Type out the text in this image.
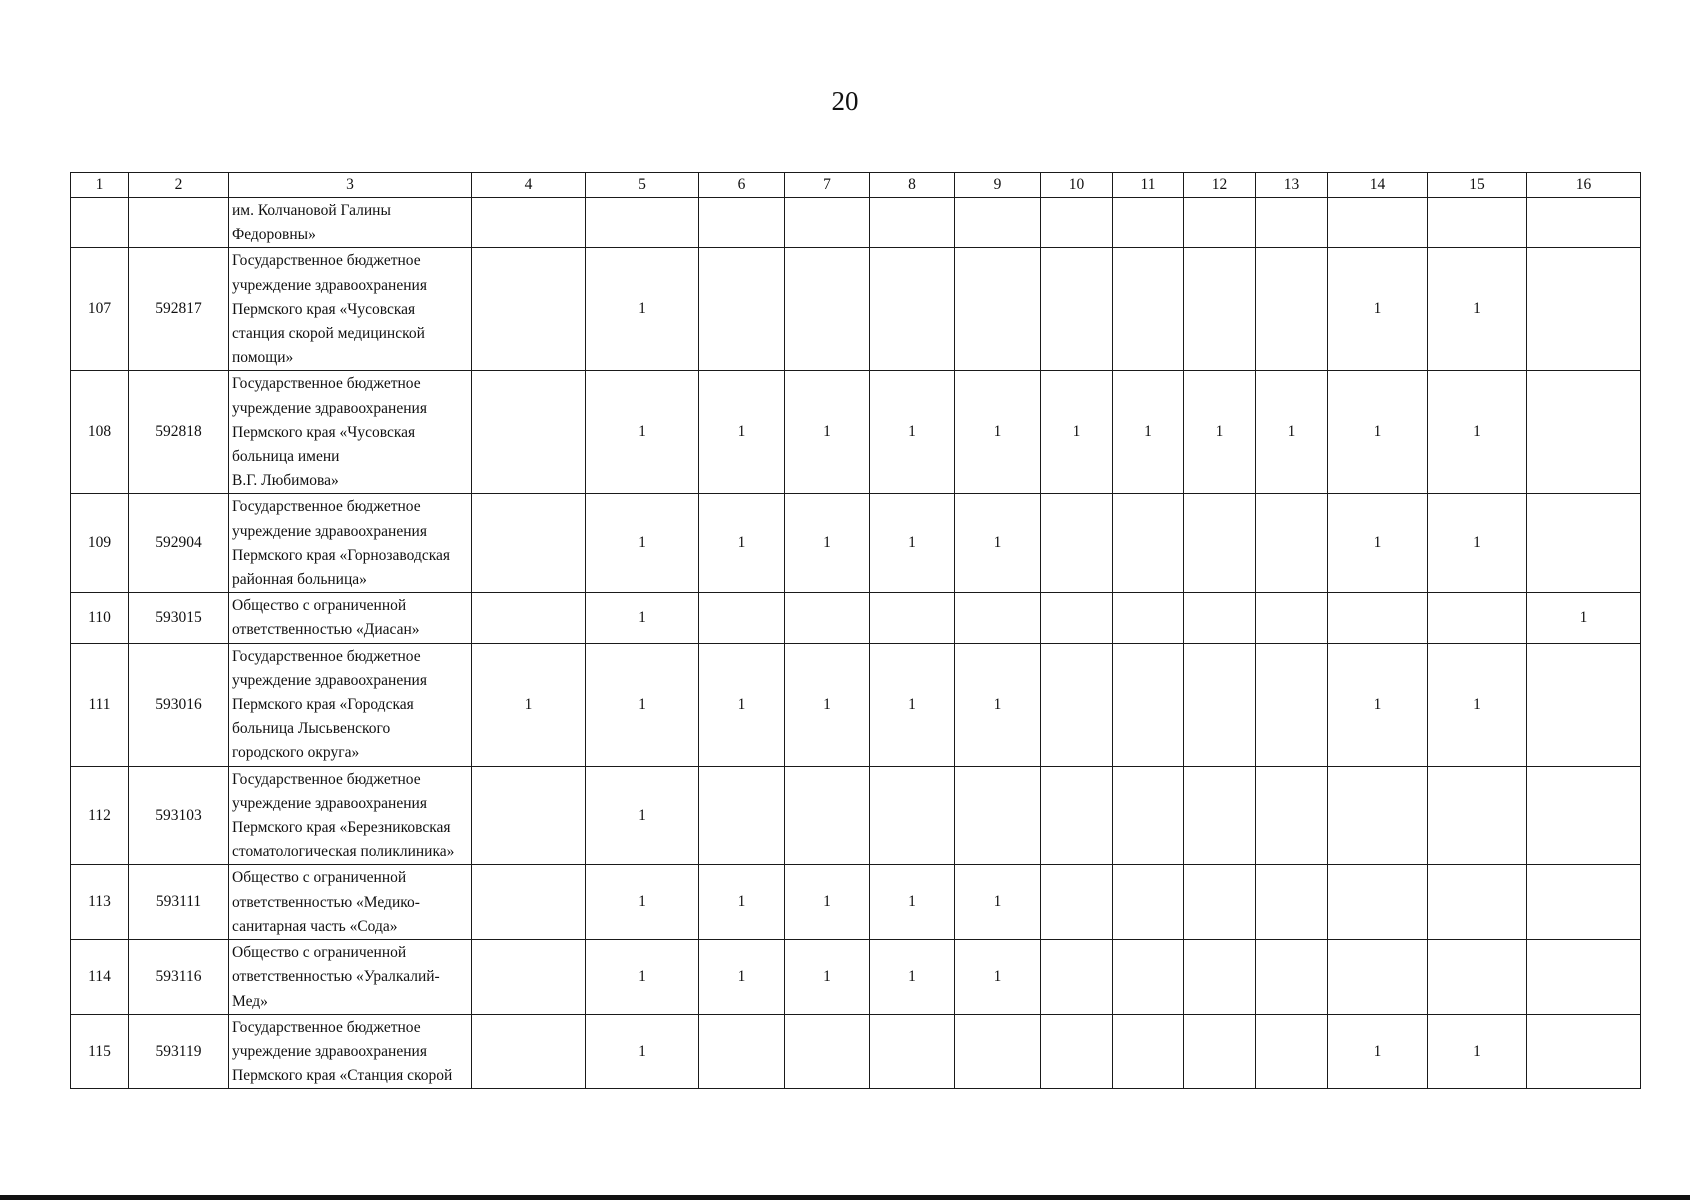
20
1	2	3	4	5	6	7	8	9	10	11	12	13	14	15	16

		им. Колчановой Галины
Федоровны»													

107	592817	Государственное бюджетное
учреждение здравоохранения
Пермского края «Чусовская
станция скорой медицинской
помощи»		1									1	1	
108	592818	Государственное бюджетное
учреждение здравоохранения
Пермского края «Чусовская
больница имени
В.Г. Любимова»		1	1	1	1	1	1	1	1	1	1	1	
109	592904	Государственное бюджетное
учреждение здравоохранения
Пермского края «Горнозаводская
районная больница»		1	1	1	1	1					1	1	
110	593015	Общество с ограниченной
ответственностью «Диасан»		1											1
111	593016	Государственное бюджетное
учреждение здравоохранения
Пермского края «Городская
больница Лысьвенского
городского округа»	1	1	1	1	1	1					1	1	
112	593103	Государственное бюджетное
учреждение здравоохранения
Пермского края «Березниковская
стоматологическая поликлиника»		1											
113	593111	Общество с ограниченной
ответственностью «Медико-
санитарная часть «Сода»		1	1	1	1	1							
114	593116	Общество с ограниченной
ответственностью «Уралкалий-
Мед»		1	1	1	1	1							
115	593119	Государственное бюджетное
учреждение здравоохранения
Пермского края «Станция скорой		1									1	1	
